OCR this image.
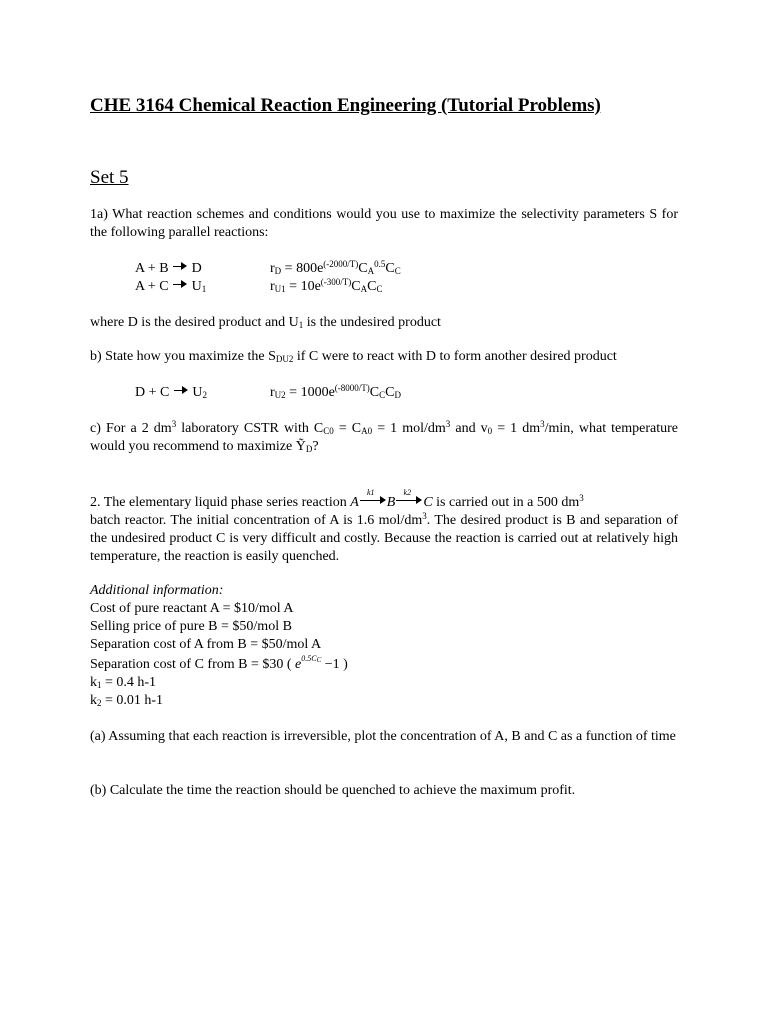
CHE 3164 Chemical Reaction Engineering (Tutorial Problems)
Set 5
1a) What reaction schemes and conditions would you use to maximize the selectivity parameters S for the following parallel reactions:
A + B D	$r_D = 800e^{(-2000/T)}C_A^{0.5}C_C$
A + C $U_1$	$r_{U1} = 10e^{(-300/T)}C_AC_C$
where D is the desired product and $U_1$ is the undesired product
b) State how you maximize the $S_{DU2}$ if C were to react with D to form another desired product
D + C $U_2$	$r_{U2} = 1000e^{(-8000/T)}C_CC_D$
c) For a 2 $dm^3$ laboratory CSTR with $C_{C0} = C_{A0} = 1$ mol/$dm^3$ and $v_0 = 1$ $dm^3/\min$, what temperature would you recommend to maximize Ỹ$_D$?
2. The elementary liquid phase series reaction A
k1
B
k2
C is carried out in a 500 $dm^3$
batch reactor. The initial concentration of A is 1.6 mol/$dm^3$. The desired product is B and separation of the undesired product C is very difficult and costly. Because the reaction is carried out at relatively high temperature, the reaction is easily quenched.
Additional information:
Cost of pure reactant A = $10/mol A
Selling price of pure B = $50/mol B
Separation cost of A from B = $50/mol A
Separation cost of C from B = $30 ( $e^{0.5C_C} -1$ )
$k_1 = 0.4$ h-1
$k_2 = 0.01$ h-1
(a) Assuming that each reaction is irreversible, plot the concentration of A, B and C as a function of time
(b) Calculate the time the reaction should be quenched to achieve the maximum profit.
